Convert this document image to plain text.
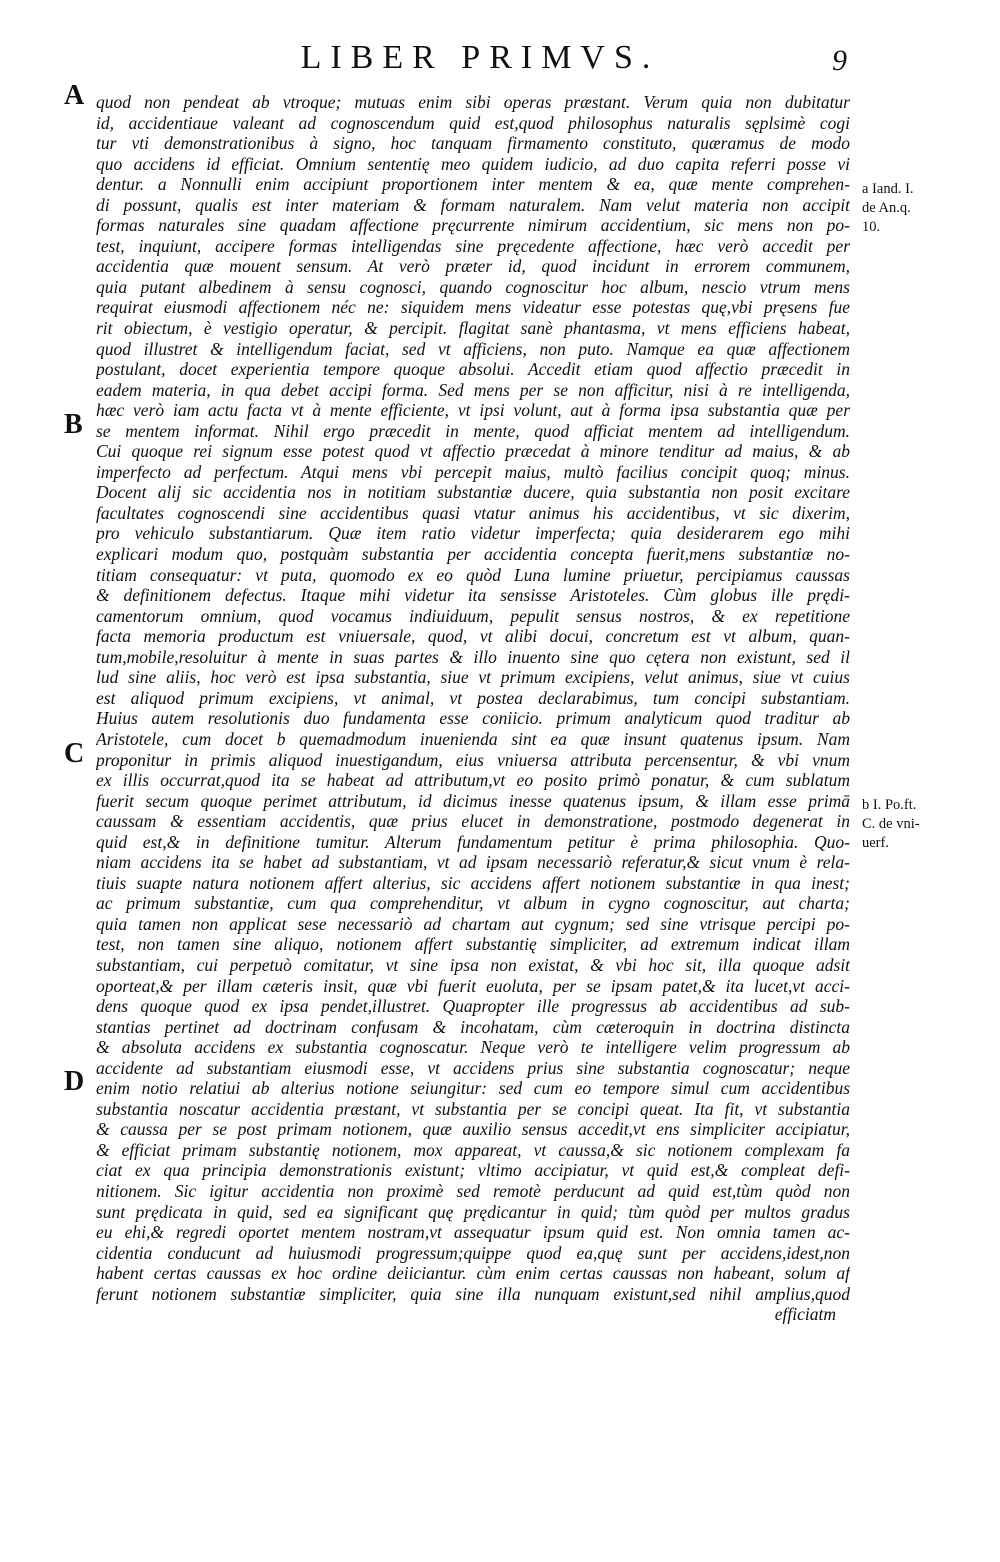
LIBER PRIMVS.	9
A
B
C
D
a Iand. I.
de An.q.
10.
b I. Po.ft.
C. de vni-
uerf.
quod non pendeat ab vtroque; mutuas enim sibi operas præstant. Verum quia non dubitatur
id, accidentiaue valeant ad cognoscendum quid est,quod philosophus naturalis sęplsimè cogi
tur vti demonstrationibus à signo, hoc tanquam firmamento constituto, quæramus de modo
quo accidens id efficiat. Omnium sententię meo quidem iudicio, ad duo capita referri posse vi
dentur. a Nonnulli enim accipiunt proportionem inter mentem & ea, quæ mente comprehen-
di possunt, qualis est inter materiam & formam naturalem. Nam velut materia non accipit
formas naturales sine quadam affectione pręcurrente nimirum accidentium, sic mens non po-
test, inquiunt, accipere formas intelligendas sine pręcedente affectione, hæc verò accedit per
accidentia quæ mouent sensum. At verò præter id, quod incidunt in errorem communem,
quia putant albedinem à sensu cognosci, quando cognoscitur hoc album, nescio vtrum mens
requirat eiusmodi affectionem néc ne: siquidem mens videatur esse potestas quę,vbi pręsens fue
rit obiectum, è vestigio operatur, & percipit. flagitat sanè phantasma, vt mens efficiens habeat,
quod illustret & intelligendum faciat, sed vt afficiens, non puto. Namque ea quæ affectionem
postulant, docet experientia tempore quoque absolui. Accedit etiam quod affectio præcedit in
eadem materia, in qua debet accipi forma. Sed mens per se non afficitur, nisi à re intelligenda,
hæc verò iam actu facta vt à mente efficiente, vt ipsi volunt, aut à forma ipsa substantia quæ per
se mentem informat. Nihil ergo præcedit in mente, quod afficiat mentem ad intelligendum.
Cui quoque rei signum esse potest quod vt affectio præcedat à minore tenditur ad maius, & ab
imperfecto ad perfectum. Atqui mens vbi percepit maius, multò facilius concipit quoq; minus.
Docent alij sic accidentia nos in notitiam substantiæ ducere, quia substantia non posit excitare
facultates cognoscendi sine accidentibus quasi vtatur animus his accidentibus, vt sic dixerim,
pro vehiculo substantiarum. Quæ item ratio videtur imperfecta; quia desiderarem ego mihi
explicari modum quo, postquàm substantia per accidentia concepta fuerit,mens substantiæ no-
titiam consequatur: vt puta, quomodo ex eo quòd Luna lumine priuetur, percipiamus caussas
& definitionem defectus. Itaque mihi videtur ita sensisse Aristoteles. Cùm globus ille prędi-
camentorum omnium, quod vocamus indiuiduum, pepulit sensus nostros, & ex repetitione
facta memoria productum est vniuersale, quod, vt alibi docui, concretum est vt album, quan-
tum,mobile,resoluitur à mente in suas partes & illo inuento sine quo cętera non existunt, sed il
lud sine aliis, hoc verò est ipsa substantia, siue vt primum excipiens, velut animus, siue vt cuius
est aliquod primum excipiens, vt animal, vt postea declarabimus, tum concipi substantiam.
Huius autem resolutionis duo fundamenta esse coniicio. primum analyticum quod traditur ab
Aristotele, cum docet b quemadmodum inuenienda sint ea quæ insunt quatenus ipsum. Nam
proponitur in primis aliquod inuestigandum, eius vniuersa attributa percensentur, & vbi vnum
ex illis occurrat,quod ita se habeat ad attributum,vt eo posito primò ponatur, & cum sublatum
fuerit secum quoque perimet attributum, id dicimus inesse quatenus ipsum, & illam esse primā
caussam & essentiam accidentis, quæ prius elucet in demonstratione, postmodo degenerat in
quid est,& in definitione tumitur. Alterum fundamentum petitur è prima philosophia. Quo-
niam accidens ita se habet ad substantiam, vt ad ipsam necessariò referatur,& sicut vnum è rela-
tiuis suapte natura notionem affert alterius, sic accidens affert notionem substantiæ in qua inest;
ac primum substantiæ, cum qua comprehenditur, vt album in cygno cognoscitur, aut charta;
quia tamen non applicat sese necessariò ad chartam aut cygnum; sed sine vtrisque percipi po-
test, non tamen sine aliquo, notionem affert substantię simpliciter, ad extremum indicat illam
substantiam, cui perpetuò comitatur, vt sine ipsa non existat, & vbi hoc sit, illa quoque adsit
oporteat,& per illam cæteris insit, quæ vbi fuerit euoluta, per se ipsam patet,& ita lucet,vt acci-
dens quoque quod ex ipsa pendet,illustret. Quapropter ille progressus ab accidentibus ad sub-
stantias pertinet ad doctrinam confusam & incohatam, cùm cæteroquin in doctrina distincta
& absoluta accidens ex substantia cognoscatur. Neque verò te intelligere velim progressum ab
accidente ad substantiam eiusmodi esse, vt accidens prius sine substantia cognoscatur; neque
enim notio relatiui ab alterius notione seiungitur: sed cum eo tempore simul cum accidentibus
substantia noscatur accidentia præstant, vt substantia per se concipi queat. Ita fit, vt substantia
& caussa per se post primam notionem, quæ auxilio sensus accedit,vt ens simpliciter accipiatur,
& efficiat primam substantię notionem, mox appareat, vt caussa,& sic notionem complexam fa
ciat ex qua principia demonstrationis existunt; vltimo accipiatur, vt quid est,& compleat defi-
nitionem. Sic igitur accidentia non proximè sed remotè perducunt ad quid est,tùm quòd non
sunt prędicata in quid, sed ea significant quę prędicantur in quid; tùm quòd per multos gradus
eu ehi,& regredi oportet mentem nostram,vt assequatur ipsum quid est. Non omnia tamen ac-
cidentia conducunt ad huiusmodi progressum;quippe quod ea,quę sunt per accidens,idest,non
habent certas caussas ex hoc ordine deiiciantur. cùm enim certas caussas non habeant, solum af
ferunt notionem substantiæ simpliciter, quia sine illa nunquam existunt,sed nihil amplius,quod
efficiatm
